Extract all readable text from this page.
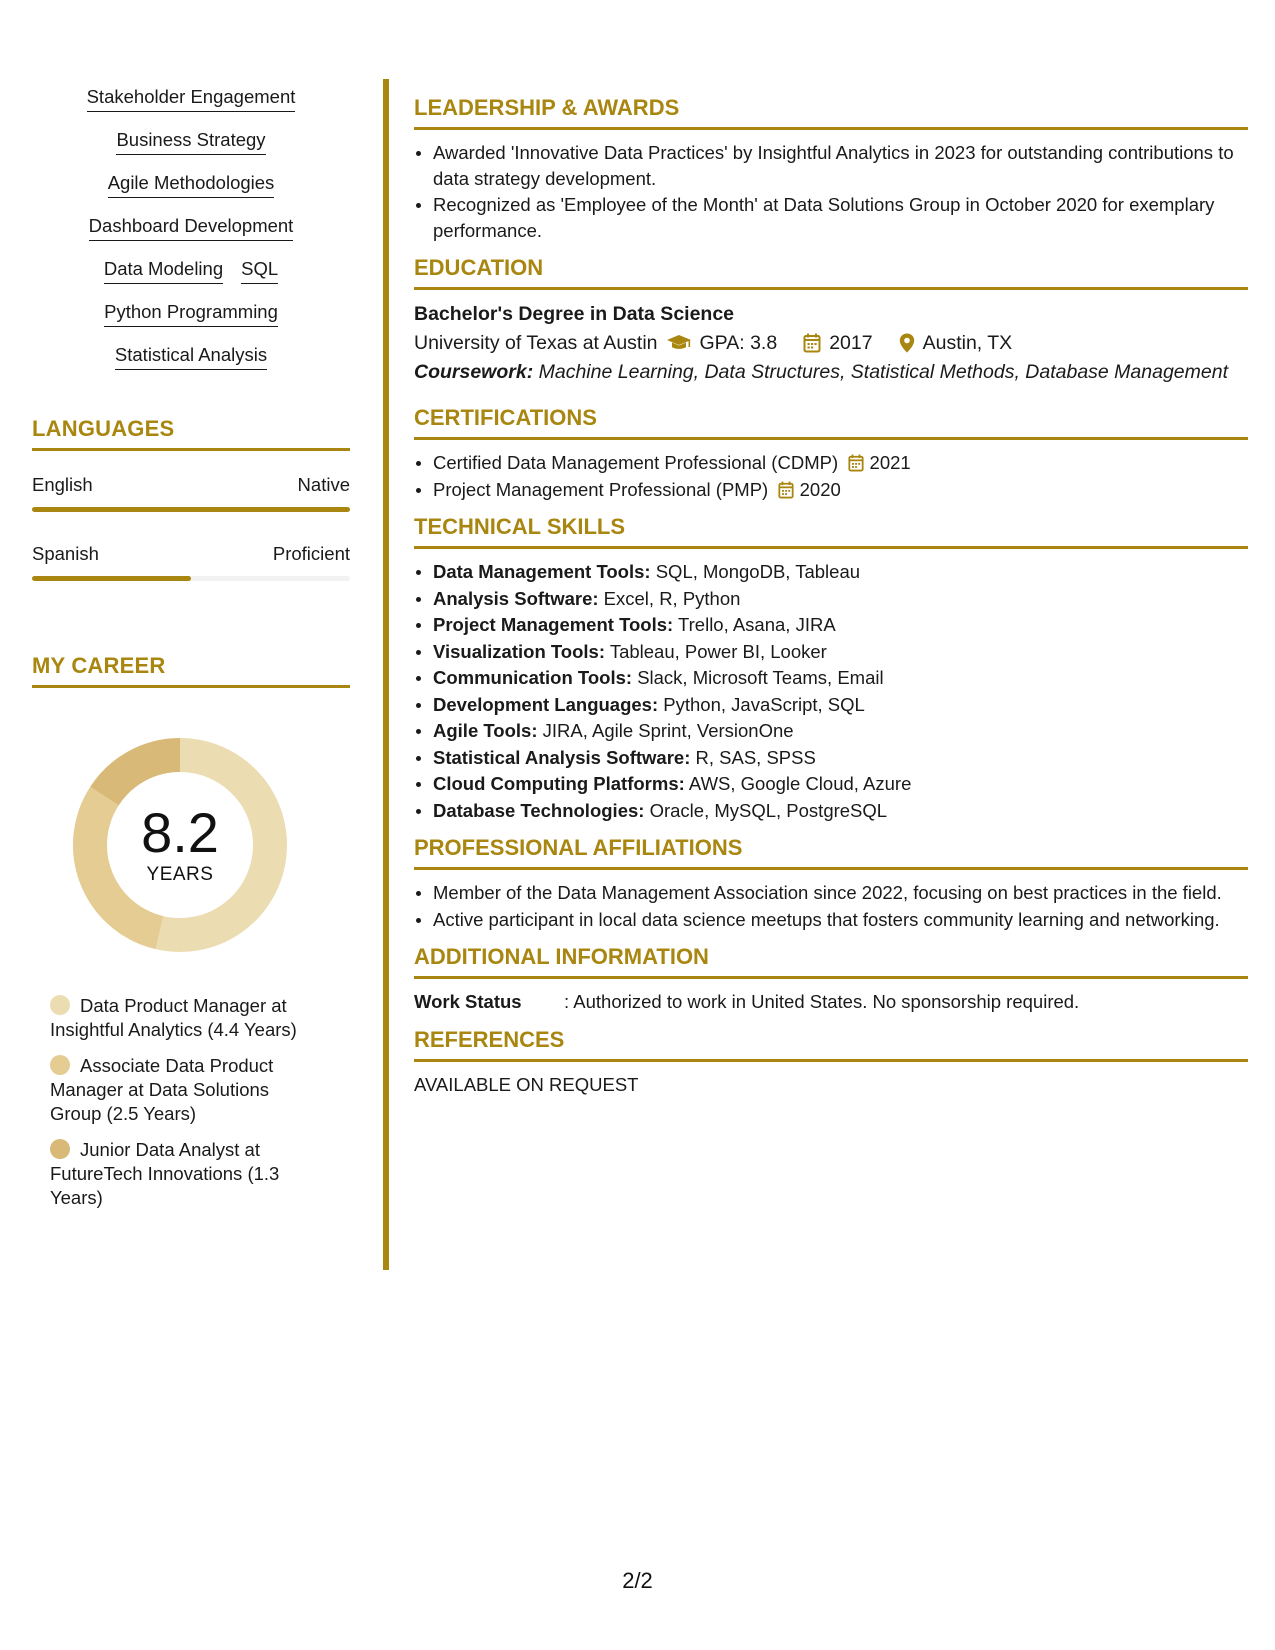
Stakeholder Engagement
Business Strategy
Agile Methodologies
Dashboard Development
Data Modeling SQL
Python Programming
Statistical Analysis
LANGUAGES
English	Native
Spanish	Proficient
MY CAREER
8.2
YEARS
Data Product Manager at Insightful Analytics (4.4 Years)
Associate Data Product Manager at Data Solutions Group (2.5 Years)
Junior Data Analyst at FutureTech Innovations (1.3 Years)
LEADERSHIP & AWARDS
Awarded 'Innovative Data Practices' by Insightful Analytics in 2023 for outstanding contributions to data strategy development.
Recognized as 'Employee of the Month' at Data Solutions Group in October 2020 for exemplary performance.
EDUCATION
Bachelor's Degree in Data Science
University of Texas at Austin GPA: 3.8	2017	Austin, TX
Coursework: Machine Learning, Data Structures, Statistical Methods, Database Management
CERTIFICATIONS
Certified Data Management Professional (CDMP) 2021
Project Management Professional (PMP) 2020
TECHNICAL SKILLS
Data Management Tools: SQL, MongoDB, Tableau
Analysis Software: Excel, R, Python
Project Management Tools: Trello, Asana, JIRA
Visualization Tools: Tableau, Power BI, Looker
Communication Tools: Slack, Microsoft Teams, Email
Development Languages: Python, JavaScript, SQL
Agile Tools: JIRA, Agile Sprint, VersionOne
Statistical Analysis Software: R, SAS, SPSS
Cloud Computing Platforms: AWS, Google Cloud, Azure
Database Technologies: Oracle, MySQL, PostgreSQL
PROFESSIONAL AFFILIATIONS
Member of the Data Management Association since 2022, focusing on best practices in the field.
Active participant in local data science meetups that fosters community learning and networking.
ADDITIONAL INFORMATION
Work Status	: Authorized to work in United States. No sponsorship required.
REFERENCES
AVAILABLE ON REQUEST
2/2
